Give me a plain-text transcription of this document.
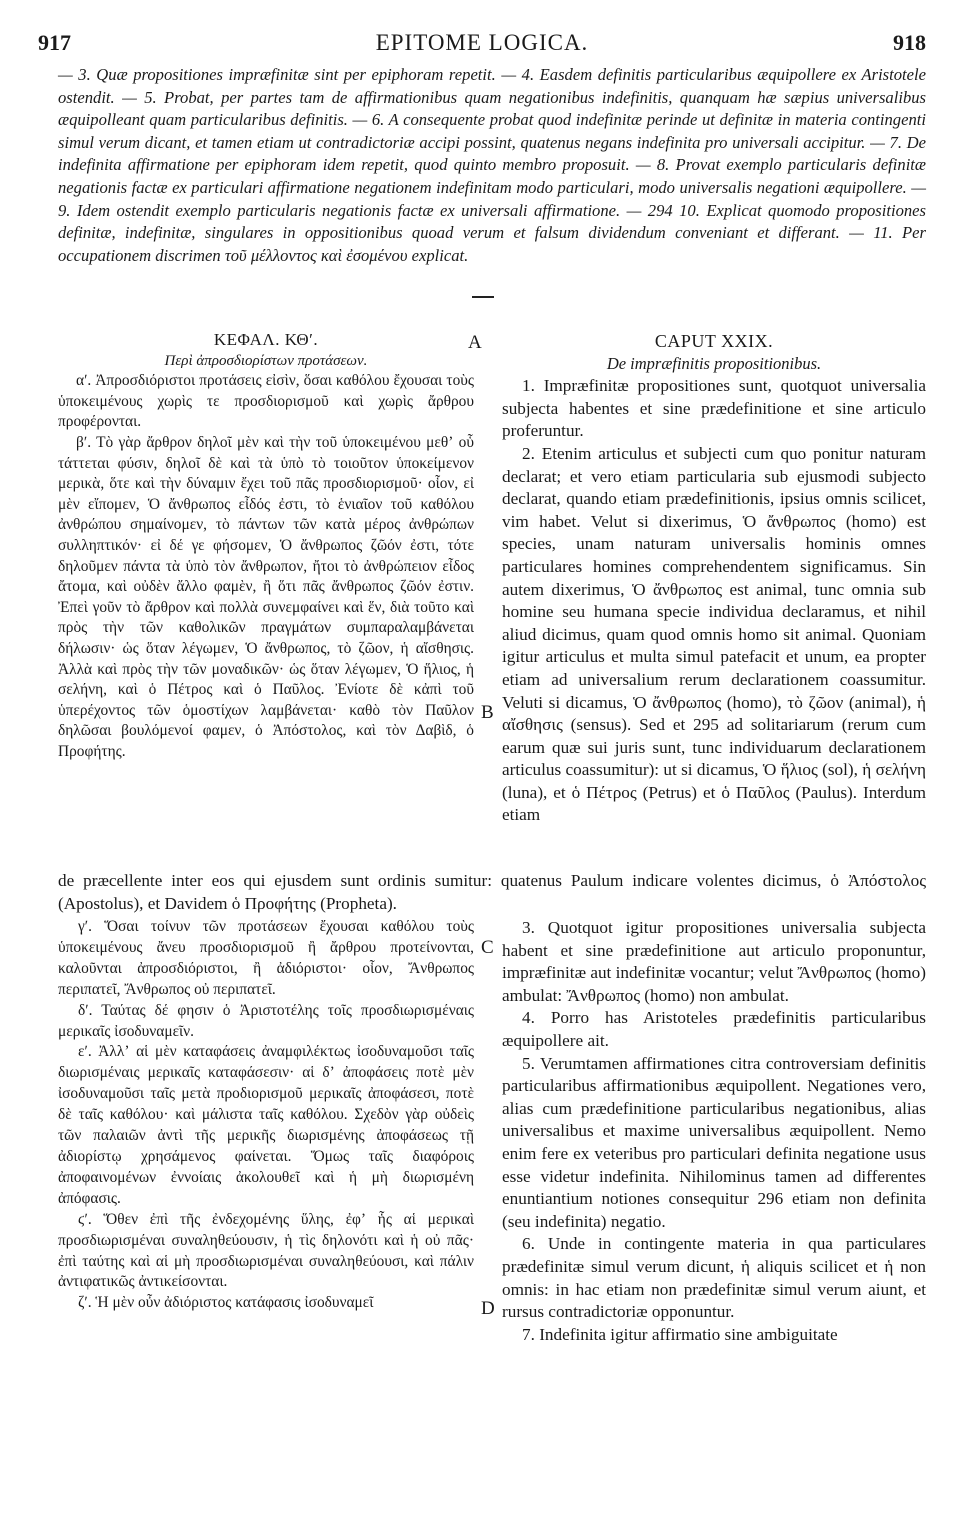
917	EPITOME LOGICA.	918

— 3. Quæ propositiones impræfinitæ sint per epiphoram repetit. — 4. Easdem definitis particularibus æquipollere ex Aristotele ostendit. — 5. Probat, per partes tam de affirmationibus quam negationibus indefinitis, quanquam hæ sæpius universalibus æquipolleant quam particularibus definitis. — 6. A consequente probat quod indefinitæ perinde ut definitæ in materia contingenti simul verum dicant, et tamen etiam ut contradictoriæ accipi possint, quatenus negans indefinita pro universali accipitur. — 7. De indefinita affirmatione per epiphoram idem repetit, quod quinto membro proposuit. — 8. Provat exemplo particularis definitæ negationis factæ ex particulari affirmatione negationem indefinitam modo particulari, modo universalis negationi æquipollere. — 9. Idem ostendit exemplo particularis negationis factæ ex universali affirmatione. — 294 10. Explicat quomodo propositiones definitæ, indefinitæ, singulares in oppositionibus quoad verum et falsum dividendum conveniant et differant. — 11. Per occupationem discrimen τοῦ μέλλοντος καὶ ἐσομένου explicat.

ΚΕΦΑΛ. ΚΘʹ.

Περὶ ἀπροσδιορίστων προτάσεων.

αʹ. Ἀπροσδιόριστοι προτάσεις εἰσὶν, ὅσαι καθόλου ἔχουσαι τοὺς ὑποκειμένους χωρὶς τε προσδιορισμοῦ καὶ χωρὶς ἄρθρου προφέρονται.

βʹ. Τὸ γὰρ ἄρθρον δηλοῖ μὲν καὶ τὴν τοῦ ὑποκειμένου μεθʼ οὗ τάττεται φύσιν, δηλοῖ δὲ καὶ τὰ ὑπὸ τὸ τοιοῦτον ὑποκείμενον μερικὰ, ὅτε καὶ τὴν δύναμιν ἔχει τοῦ πᾶς προσδιορισμοῦ· οἷον, εἰ μὲν εἴπομεν, Ὁ ἄνθρωπος εἶδός ἐστι, τὸ ἑνιαῖον τοῦ καθόλου ἀνθρώπου σημαίνομεν, τὸ πάντων τῶν κατὰ μέρος ἀνθρώπων συλληπτικόν· εἰ δέ γε φήσομεν, Ὁ ἄνθρωπος ζῶόν ἐστι, τότε δηλοῦμεν πάντα τὰ ὑπὸ τὸν ἄνθρωπον, ἤτοι τὸ ἀνθρώπειον εἶδος ἄτομα, καὶ οὐδὲν ἄλλο φαμὲν, ἢ ὅτι πᾶς ἄνθρωπος ζῶόν ἐστιν. Ἐπεὶ γοῦν τὸ ἄρθρον καὶ πολλὰ συνεμφαίνει καὶ ἕν, διὰ τοῦτο καὶ πρὸς τὴν τῶν καθολικῶν πραγμάτων συμπαραλαμβάνεται δήλωσιν· ὡς ὅταν λέγωμεν, Ὁ ἄνθρωπος, τὸ ζῶον, ἡ αἴσθησις. Ἀλλὰ καὶ πρὸς τὴν τῶν μοναδικῶν· ὡς ὅταν λέγωμεν, Ὁ ἥλιος, ἡ σελήνη, καὶ ὁ Πέτρος καὶ ὁ Παῦλος. Ἐνίοτε δὲ κἀπὶ τοῦ ὑπερέχοντος τῶν ὁμοστίχων λαμβάνεται· καθὸ τὸν Παῦλον δηλῶσαι βουλόμενοί φαμεν, ὁ Ἀπόστολος, καὶ τὸν Δαβὶδ, ὁ Προφήτης.

A	CAPUT XXIX.

De impræfinitis propositionibus.

1. Impræfinitæ propositiones sunt, quotquot universalia subjecta habentes et sine prædefinitione et sine articulo proferuntur.

2. Etenim articulus et subjecti cum quo ponitur naturam declarat; et vero etiam particularia sub ejusmodi subjecto declarat, quando etiam prædefinitionis, ipsius omnis scilicet, vim habet. Velut si dixerimus, Ὁ ἄνθρωπος (homo) est species, unam naturam universalis hominis omnes particulares homines comprehendentem significamus. Sin autem dixerimus, Ὁ ἄνθρωπος est animal, tunc omnia sub homine seu humana specie individua declaramus, et nihil aliud dicimus, quam quod omnis homo sit animal. Quoniam igitur articulus et multa simul patefacit et unum, ea propter etiam ad universalium rerum declarationem coassumitur. Veluti si dicamus, Ὁ ἄνθρωπος (homo), τὸ ζῶον (animal), ἡ αἴσθησις (sensus). Sed et 295 ad solitariarum (rerum cum earum quæ sui juris sunt, tunc individuarum declarationem articulus coassumitur): ut si dicamus, Ὁ ἥλιος (sol), ἡ σελήνη (luna), et ὁ Πέτρος (Petrus) et ὁ Παῦλος (Paulus). Interdum etiam

B

de præcellente inter eos qui ejusdem sunt ordinis sumitur: quatenus Paulum indicare volentes dicimus, ὁ Ἀπόστολος (Apostolus), et Davidem ὁ Προφήτης (Propheta).

C

γʹ. Ὅσαι τοίνυν τῶν προτάσεων ἔχουσαι καθόλου τοὺς ὑποκειμένους ἄνευ προσδιορισμοῦ ἢ ἄρθρου προτείνονται, καλοῦνται ἀπροσδιόριστοι, ἢ ἀδιόριστοι· οἷον, Ἄνθρωπος περιπατεῖ, Ἄνθρωπος οὐ περιπατεῖ.

δʹ. Ταύτας δέ φησιν ὁ Ἀριστοτέλης τοῖς προσδιωρισμέναις μερικαῖς ἰσοδυναμεῖν.

εʹ. Ἀλλʼ αἱ μὲν καταφάσεις ἀναμφιλέκτως ἰσοδυναμοῦσι ταῖς διωρισμέναις μερικαῖς καταφάσεσιν· αἱ δʼ ἀποφάσεις ποτὲ μὲν ἰσοδυναμοῦσι ταῖς μετὰ προδιορισμοῦ μερικαῖς ἀποφάσεσι, ποτὲ δὲ ταῖς καθόλου· καὶ μάλιστα ταῖς καθόλου. Σχεδὸν γὰρ οὐδεὶς τῶν παλαιῶν ἀντὶ τῆς μερικῆς διωρισμένης ἀποφάσεως τῇ ἀδιορίστῳ χρησάμενος φαίνεται. Ὅμως ταῖς διαφόροις ἀποφαινομένων ἐννοίαις ἀκολουθεῖ καὶ ἡ μὴ διωρισμένη ἀπόφασις.

ϛʹ. Ὅθεν ἐπὶ τῆς ἐνδεχομένης ὕλης, ἐφʼ ἧς αἱ μερικαὶ προσδιωρισμέναι συναληθεύουσιν, ἡ τὶς δηλονότι καὶ ἡ οὐ πᾶς· ἐπὶ ταύτης καὶ αἱ μὴ προσδιωρισμέναι συναληθεύουσι, καὶ πάλιν ἀντιφατικῶς ἀντικείσονται.

ζʹ. Ἡ μὲν οὖν ἀδιόριστος κατάφασις ἰσοδυναμεῖ	D

3. Quotquot igitur propositiones universalia subjecta habent et sine prædefinitione aut articulo proponuntur, impræfinitæ aut indefinitæ vocantur; velut Ἄνθρωπος (homo) ambulat: Ἄνθρωπος (homo) non ambulat.

4. Porro has Aristoteles prædefinitis particularibus æquipollere ait.

5. Verumtamen affirmationes citra controversiam definitis particularibus affirmationibus æquipollent. Negationes vero, alias cum prædefinitione particularibus negationibus, alias universalibus et maxime universalibus æquipollent. Nemo enim fere ex veteribus pro particulari definita negatione usus esse videtur indefinita. Nihilominus tamen ad differentes enuntiantium notiones consequitur 296 etiam non definita (seu indefinita) negatio.

6. Unde in contingente materia in qua particulares prædefinitæ simul verum dicunt, ἡ aliquis scilicet et ἡ non omnis: in hac etiam non prædefinitæ simul verum aiunt, et rursus contradictoriæ opponuntur.

7. Indefinita igitur affirmatio sine ambiguitate
